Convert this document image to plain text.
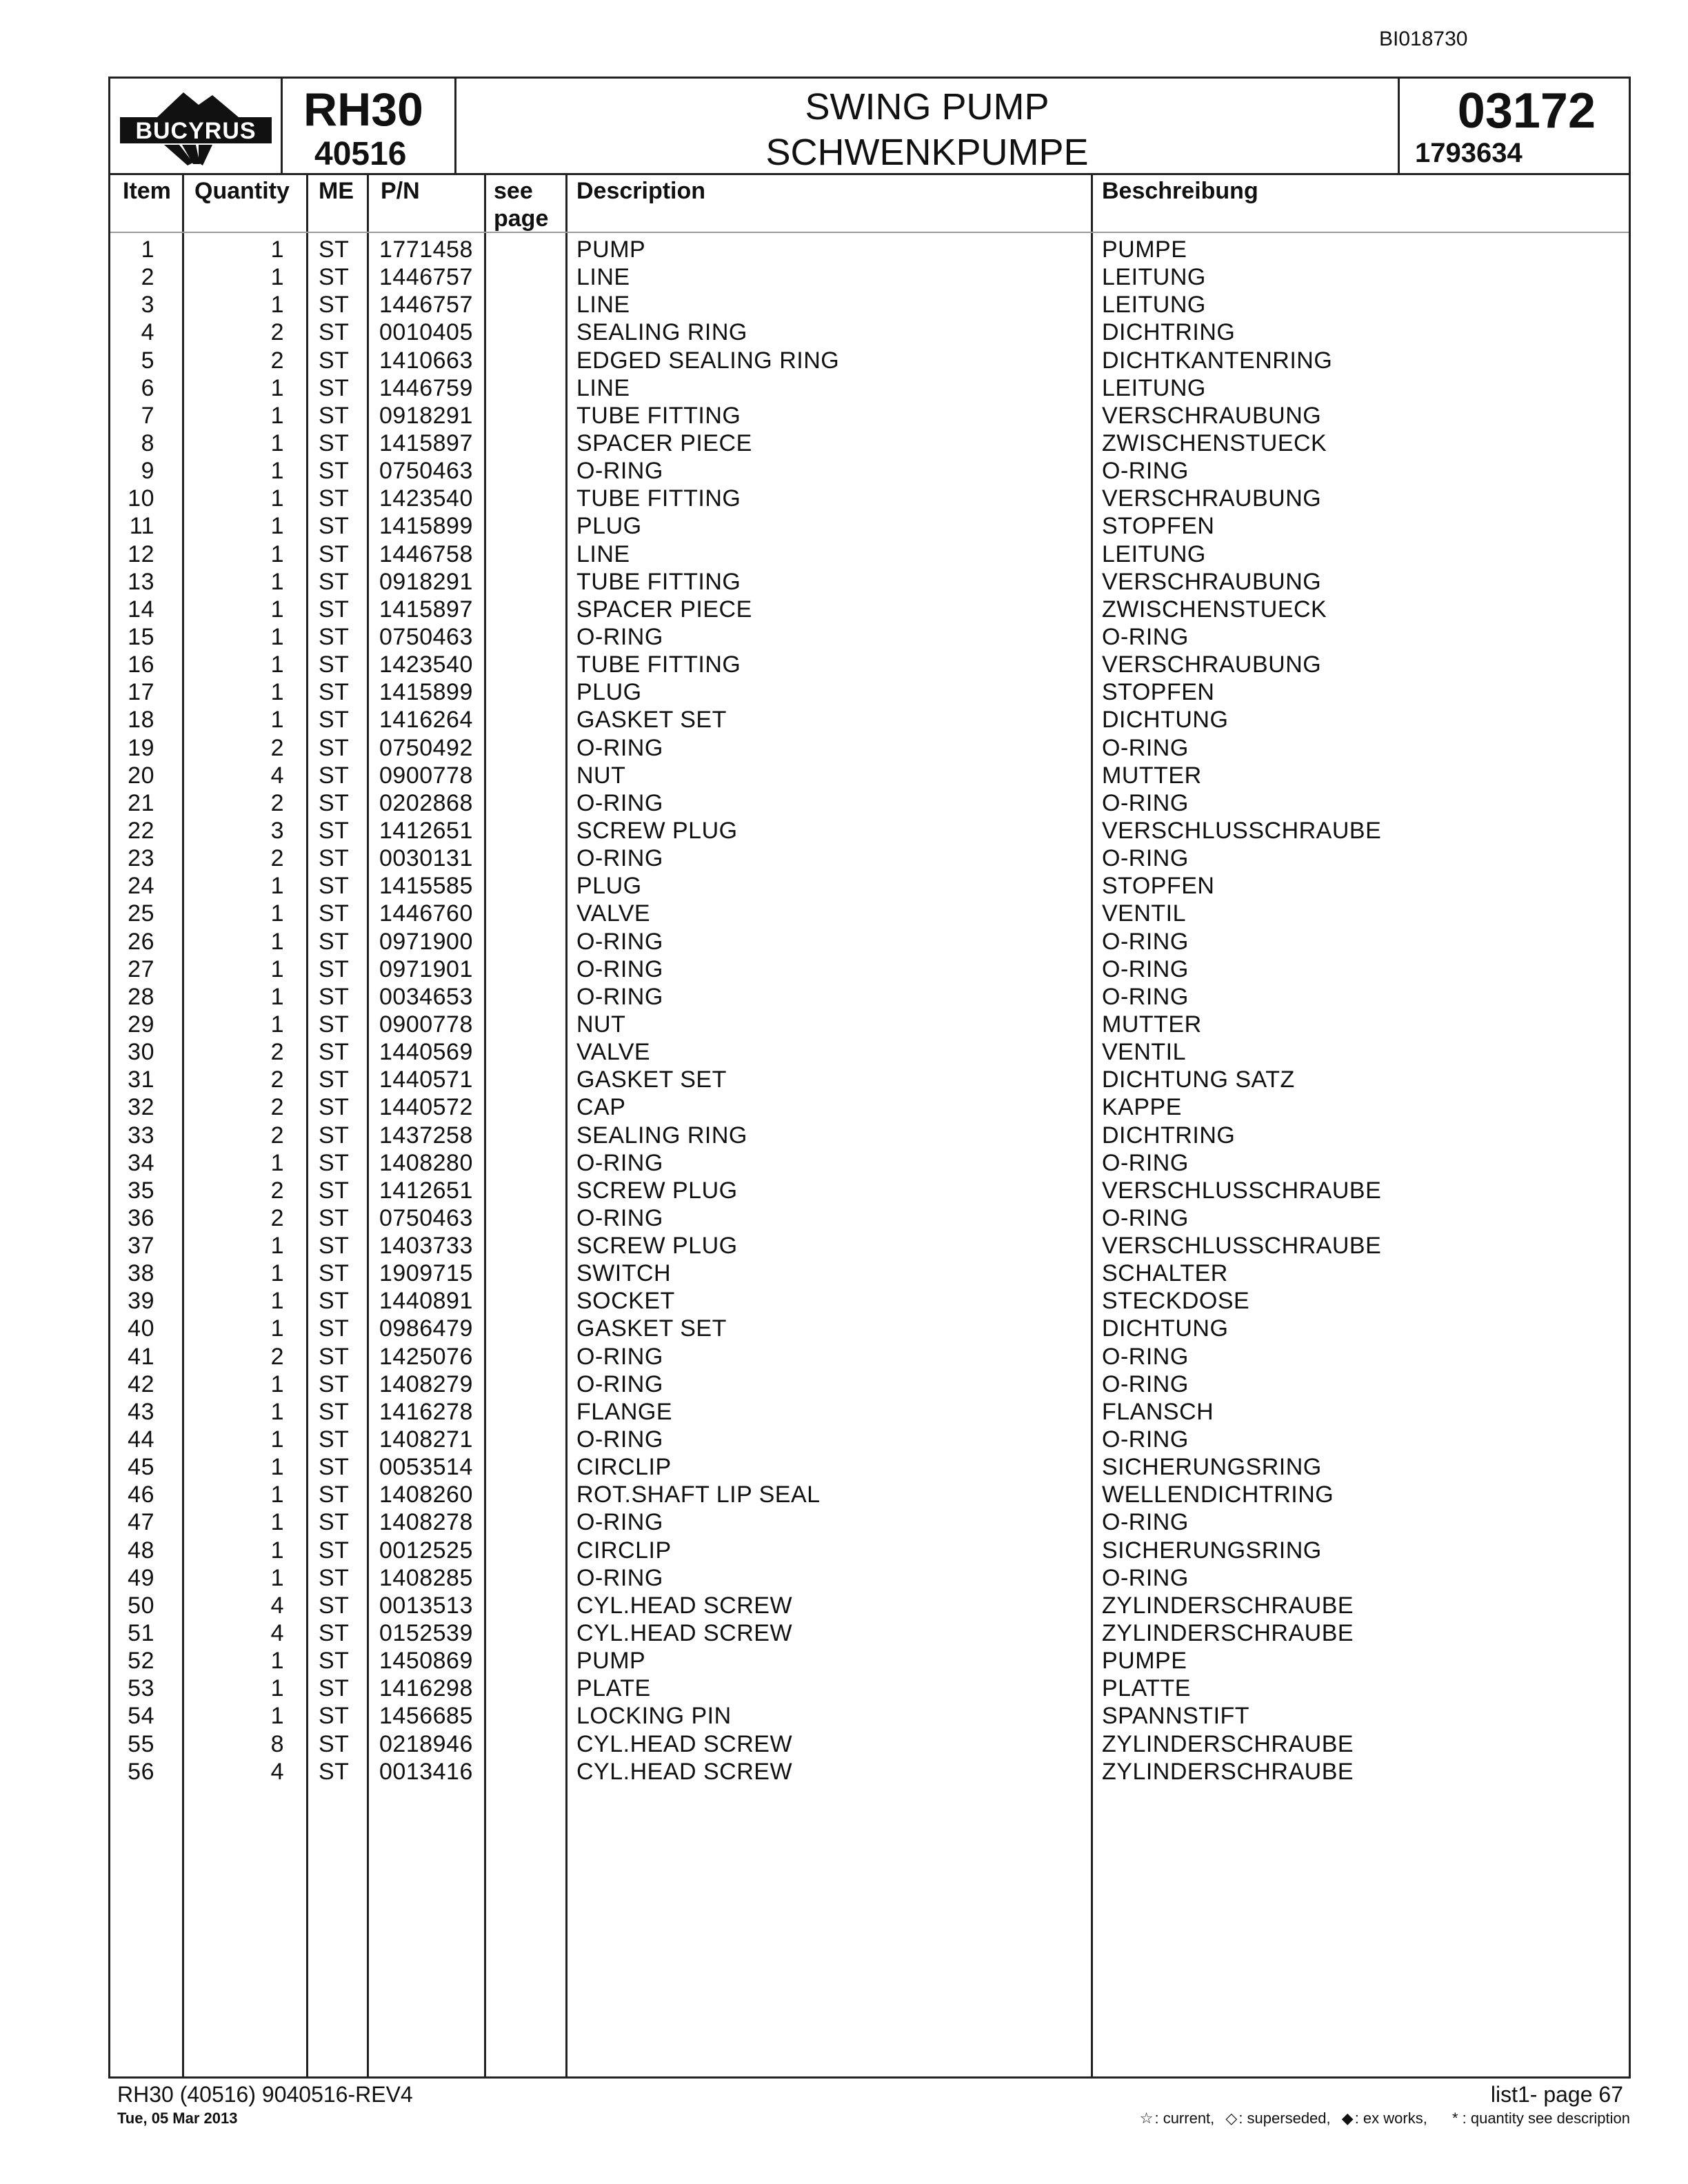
BI018730
BUCYRUS RH30
40516
SWING PUMP
SCHWENKPUMPE
03172
1793634
Item Quantity ME P/N	see
page
Description	Beschreibung
1	1 ST 1771458	PUMP	PUMPE
2	1 ST 1446757	LINE	LEITUNG
3	1 ST 1446757	LINE	LEITUNG
4	2 ST 0010405	SEALING RING	DICHTRING
5	2 ST 1410663	EDGED SEALING RING	DICHTKANTENRING
6	1 ST 1446759	LINE	LEITUNG
7	1 ST 0918291	TUBE FITTING	VERSCHRAUBUNG
8	1 ST 1415897	SPACER PIECE	ZWISCHENSTUECK
9	1 ST 0750463	O-RING	O-RING
10	1 ST 1423540	TUBE FITTING	VERSCHRAUBUNG
11	1 ST 1415899	PLUG	STOPFEN
12	1 ST 1446758	LINE	LEITUNG
13	1 ST 0918291	TUBE FITTING	VERSCHRAUBUNG
14	1 ST 1415897	SPACER PIECE	ZWISCHENSTUECK
15	1 ST 0750463	O-RING	O-RING
16	1 ST 1423540	TUBE FITTING	VERSCHRAUBUNG
17	1 ST 1415899	PLUG	STOPFEN
18	1 ST 1416264	GASKET SET	DICHTUNG
19	2 ST 0750492	O-RING	O-RING
20	4 ST 0900778	NUT	MUTTER
21	2 ST 0202868	O-RING	O-RING
22	3 ST 1412651	SCREW PLUG	VERSCHLUSSCHRAUBE
23	2 ST 0030131	O-RING	O-RING
24	1 ST 1415585	PLUG	STOPFEN
25	1 ST 1446760	VALVE	VENTIL
26	1 ST 0971900	O-RING	O-RING
27	1 ST 0971901	O-RING	O-RING
28	1 ST 0034653	O-RING	O-RING
29	1 ST 0900778	NUT	MUTTER
30	2 ST 1440569	VALVE	VENTIL
31	2 ST 1440571	GASKET SET	DICHTUNG SATZ
32	2 ST 1440572	CAP	KAPPE
33	2 ST 1437258	SEALING RING	DICHTRING
34	1 ST 1408280	O-RING	O-RING
35	2 ST 1412651	SCREW PLUG	VERSCHLUSSCHRAUBE
36	2 ST 0750463	O-RING	O-RING
37	1 ST 1403733	SCREW PLUG	VERSCHLUSSCHRAUBE
38	1 ST 1909715	SWITCH	SCHALTER
39	1 ST 1440891	SOCKET	STECKDOSE
40	1 ST 0986479	GASKET SET	DICHTUNG
41	2 ST 1425076	O-RING	O-RING
42	1 ST 1408279	O-RING	O-RING
43	1 ST 1416278	FLANGE	FLANSCH
44	1 ST 1408271	O-RING	O-RING
45	1 ST 0053514	CIRCLIP	SICHERUNGSRING
46	1 ST 1408260	ROT.SHAFT LIP SEAL	WELLENDICHTRING
47	1 ST 1408278	O-RING	O-RING
48	1 ST 0012525	CIRCLIP	SICHERUNGSRING
49	1 ST 1408285	O-RING	O-RING
50	4 ST 0013513	CYL.HEAD SCREW	ZYLINDERSCHRAUBE
51	4 ST 0152539	CYL.HEAD SCREW	ZYLINDERSCHRAUBE
52	1 ST 1450869	PUMP	PUMPE
53	1 ST 1416298	PLATE	PLATTE
54	1 ST 1456685	LOCKING PIN	SPANNSTIFT
55	8 ST 0218946	CYL.HEAD SCREW	ZYLINDERSCHRAUBE
56	4 ST 0013416	CYL.HEAD SCREW	ZYLINDERSCHRAUBE
RH30 (40516) 9040516-REV4
Tue, 05 Mar 2013
list1- page 67
☆: current, ◇: superseded, ◆: ex works, * : quantity see description
